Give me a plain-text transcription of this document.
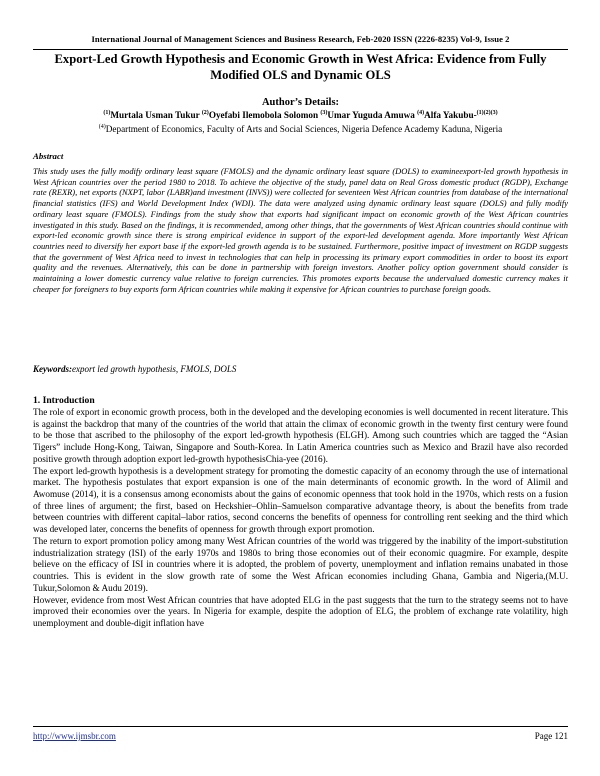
International Journal of Management Sciences and Business Research, Feb-2020 ISSN (2226-8235) Vol-9, Issue 2
Export-Led Growth Hypothesis and Economic Growth in West Africa: Evidence from Fully Modified OLS and Dynamic OLS
Author’s Details:
$^{(1)}$Murtala Usman Tukur $^{(2)}$Oyefabi Ilemobola Solomon $^{(3)}$Umar Yuguda Amuwa $^{(4)}$Alfa Yakubu-$^{(1)(2)(3)}$
$^{(4)}$Department of Economics, Faculty of Arts and Social Sciences, Nigeria Defence Academy Kaduna, Nigeria
Abstract

This study uses the fully modify ordinary least square (FMOLS) and the dynamic ordinary least square (DOLS) to examineexport-led growth hypothesis in West African countries over the period 1980 to 2018. To achieve the objective of the study, panel data on Real Gross domestic product (RGDP), Exchange rate (REXR), net exports (NXPT, labor (LABR)and investment (INVS)) were collected for seventeen West African countries from database of the international financial statistics (IFS) and World Development Index (WDI). The data were analyzed using dynamic ordinary least square (DOLS) and fully modify ordinary least square (FMOLS). Findings from the study show that exports had significant impact on economic growth of the West African countries investigated in this study. Based on the findings, it is recommended, among other things, that the governments of West African countries should continue with export-led economic growth since there is strong empirical evidence in support of the export-led development agenda. More importantly West African countries need to diversify her export base if the export-led growth agenda is to be sustained. Furthermore, positive impact of investment on RGDP suggests that the government of West Africa need to invest in technologies that can help in processing its primary export commodities in order to boost its export quality and the revenues. Alternatively, this can be done in partnership with foreign investors. Another policy option government should consider is maintaining a lower domestic currency value relative to foreign currencies. This promotes exports because the undervalued domestic currency makes it cheaper for foreigners to buy exports form African countries while making it expensive for African countries to purchase foreign goods.

Keywords:export led growth hypothesis, FMOLS, DOLS
1. Introduction

The role of export in economic growth process, both in the developed and the developing economies is well documented in recent literature. This is against the backdrop that many of the countries of the world that attain the climax of economic growth in the twenty first century were found to be those that ascribed to the philosophy of the export led-growth hypothesis (ELGH). Among such countries which are tagged the “Asian Tigers” include Hong-Kong, Taiwan, Singapore and South-Korea. In Latin America countries such as Mexico and Brazil have also recorded positive growth through adoption export led-growth hypothesisChia-yee (2016).

The export led-growth hypothesis is a development strategy for promoting the domestic capacity of an economy through the use of international market. The hypothesis postulates that export expansion is one of the main determinants of economic growth. In the word of Alimil and Awomuse (2014), it is a consensus among economists about the gains of economic openness that took hold in the 1970s, which rests on a fusion of three lines of argument; the first, based on Heckshier–Ohlin–Samuelson comparative advantage theory, is about the benefits from trade between countries with different capital–labor ratios, second concerns the benefits of openness for controlling rent seeking and the third which was developed later, concerns the benefits of openness for growth through export promotion.

The return to export promotion policy among many West African countries of the world was triggered by the inability of the import-substitution industrialization strategy (ISI) of the early 1970s and 1980s to bring those economies out of their economic quagmire. For example, despite believe on the efficacy of ISI in countries where it is adopted, the problem of poverty, unemployment and inflation remains unabated in those countries. This is evident in the slow growth rate of some the West African economies including Ghana, Gambia and Nigeria,(M.U. Tukur,Solomon & Audu 2019).

However, evidence from most West African countries that have adopted ELG in the past suggests that the turn to the strategy seems not to have improved their economies over the years. In Nigeria for example, despite the adoption of ELG, the problem of exchange rate volatility, high unemployment and double-digit inflation have

http://www.ijmsbr.com	Page 121
